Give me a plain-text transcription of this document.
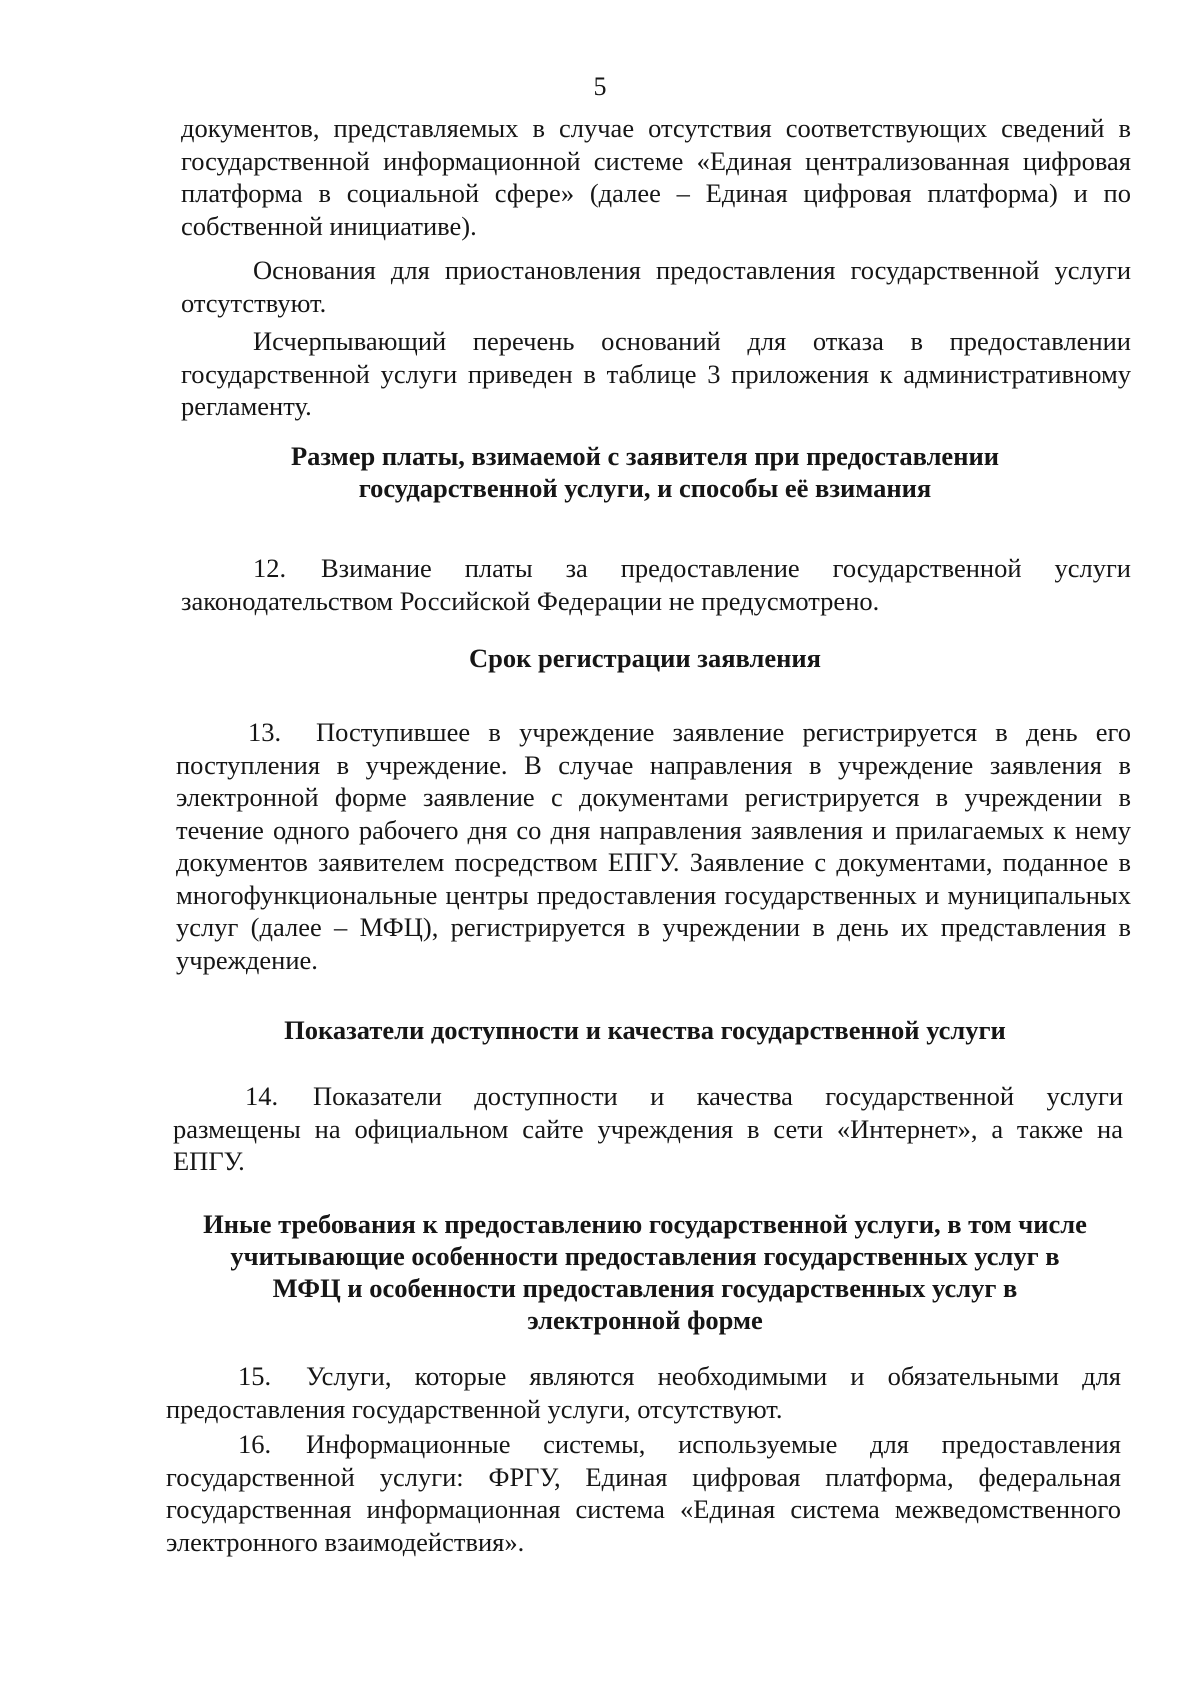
5

документов, представляемых в случае отсутствия соответствующих сведений в государственной информационной системе «Единая централизованная цифровая платформа в социальной сфере» (далее – Единая цифровая платформа) и по собственной инициативе).

Основания для приостановления предоставления государственной услуги отсутствуют.

Исчерпывающий перечень оснований для отказа в предоставлении государственной услуги приведен в таблице 3 приложения к административному регламенту.

Размер платы, взимаемой с заявителя при предоставлении государственной услуги, и способы её взимания

12. Взимание платы за предоставление государственной услуги законодательством Российской Федерации не предусмотрено.

Срок регистрации заявления

13. Поступившее в учреждение заявление регистрируется в день его поступления в учреждение. В случае направления в учреждение заявления в электронной форме заявление с документами регистрируется в учреждении в течение одного рабочего дня со дня направления заявления и прилагаемых к нему документов заявителем посредством ЕПГУ. Заявление с документами, поданное в многофункциональные центры предоставления государственных и муниципальных услуг (далее – МФЦ), регистрируется в учреждении в день их представления в учреждение.

Показатели доступности и качества государственной услуги

14. Показатели доступности и качества государственной услуги размещены на официальном сайте учреждения в сети «Интернет», а также на ЕПГУ.

Иные требования к предоставлению государственной услуги, в том числе учитывающие особенности предоставления государственных услуг в МФЦ и особенности предоставления государственных услуг в электронной форме

15. Услуги, которые являются необходимыми и обязательными для предоставления государственной услуги, отсутствуют.

16. Информационные системы, используемые для предоставления государственной услуги: ФРГУ, Единая цифровая платформа, федеральная государственная информационная система «Единая система межведомственного электронного взаимодействия».
